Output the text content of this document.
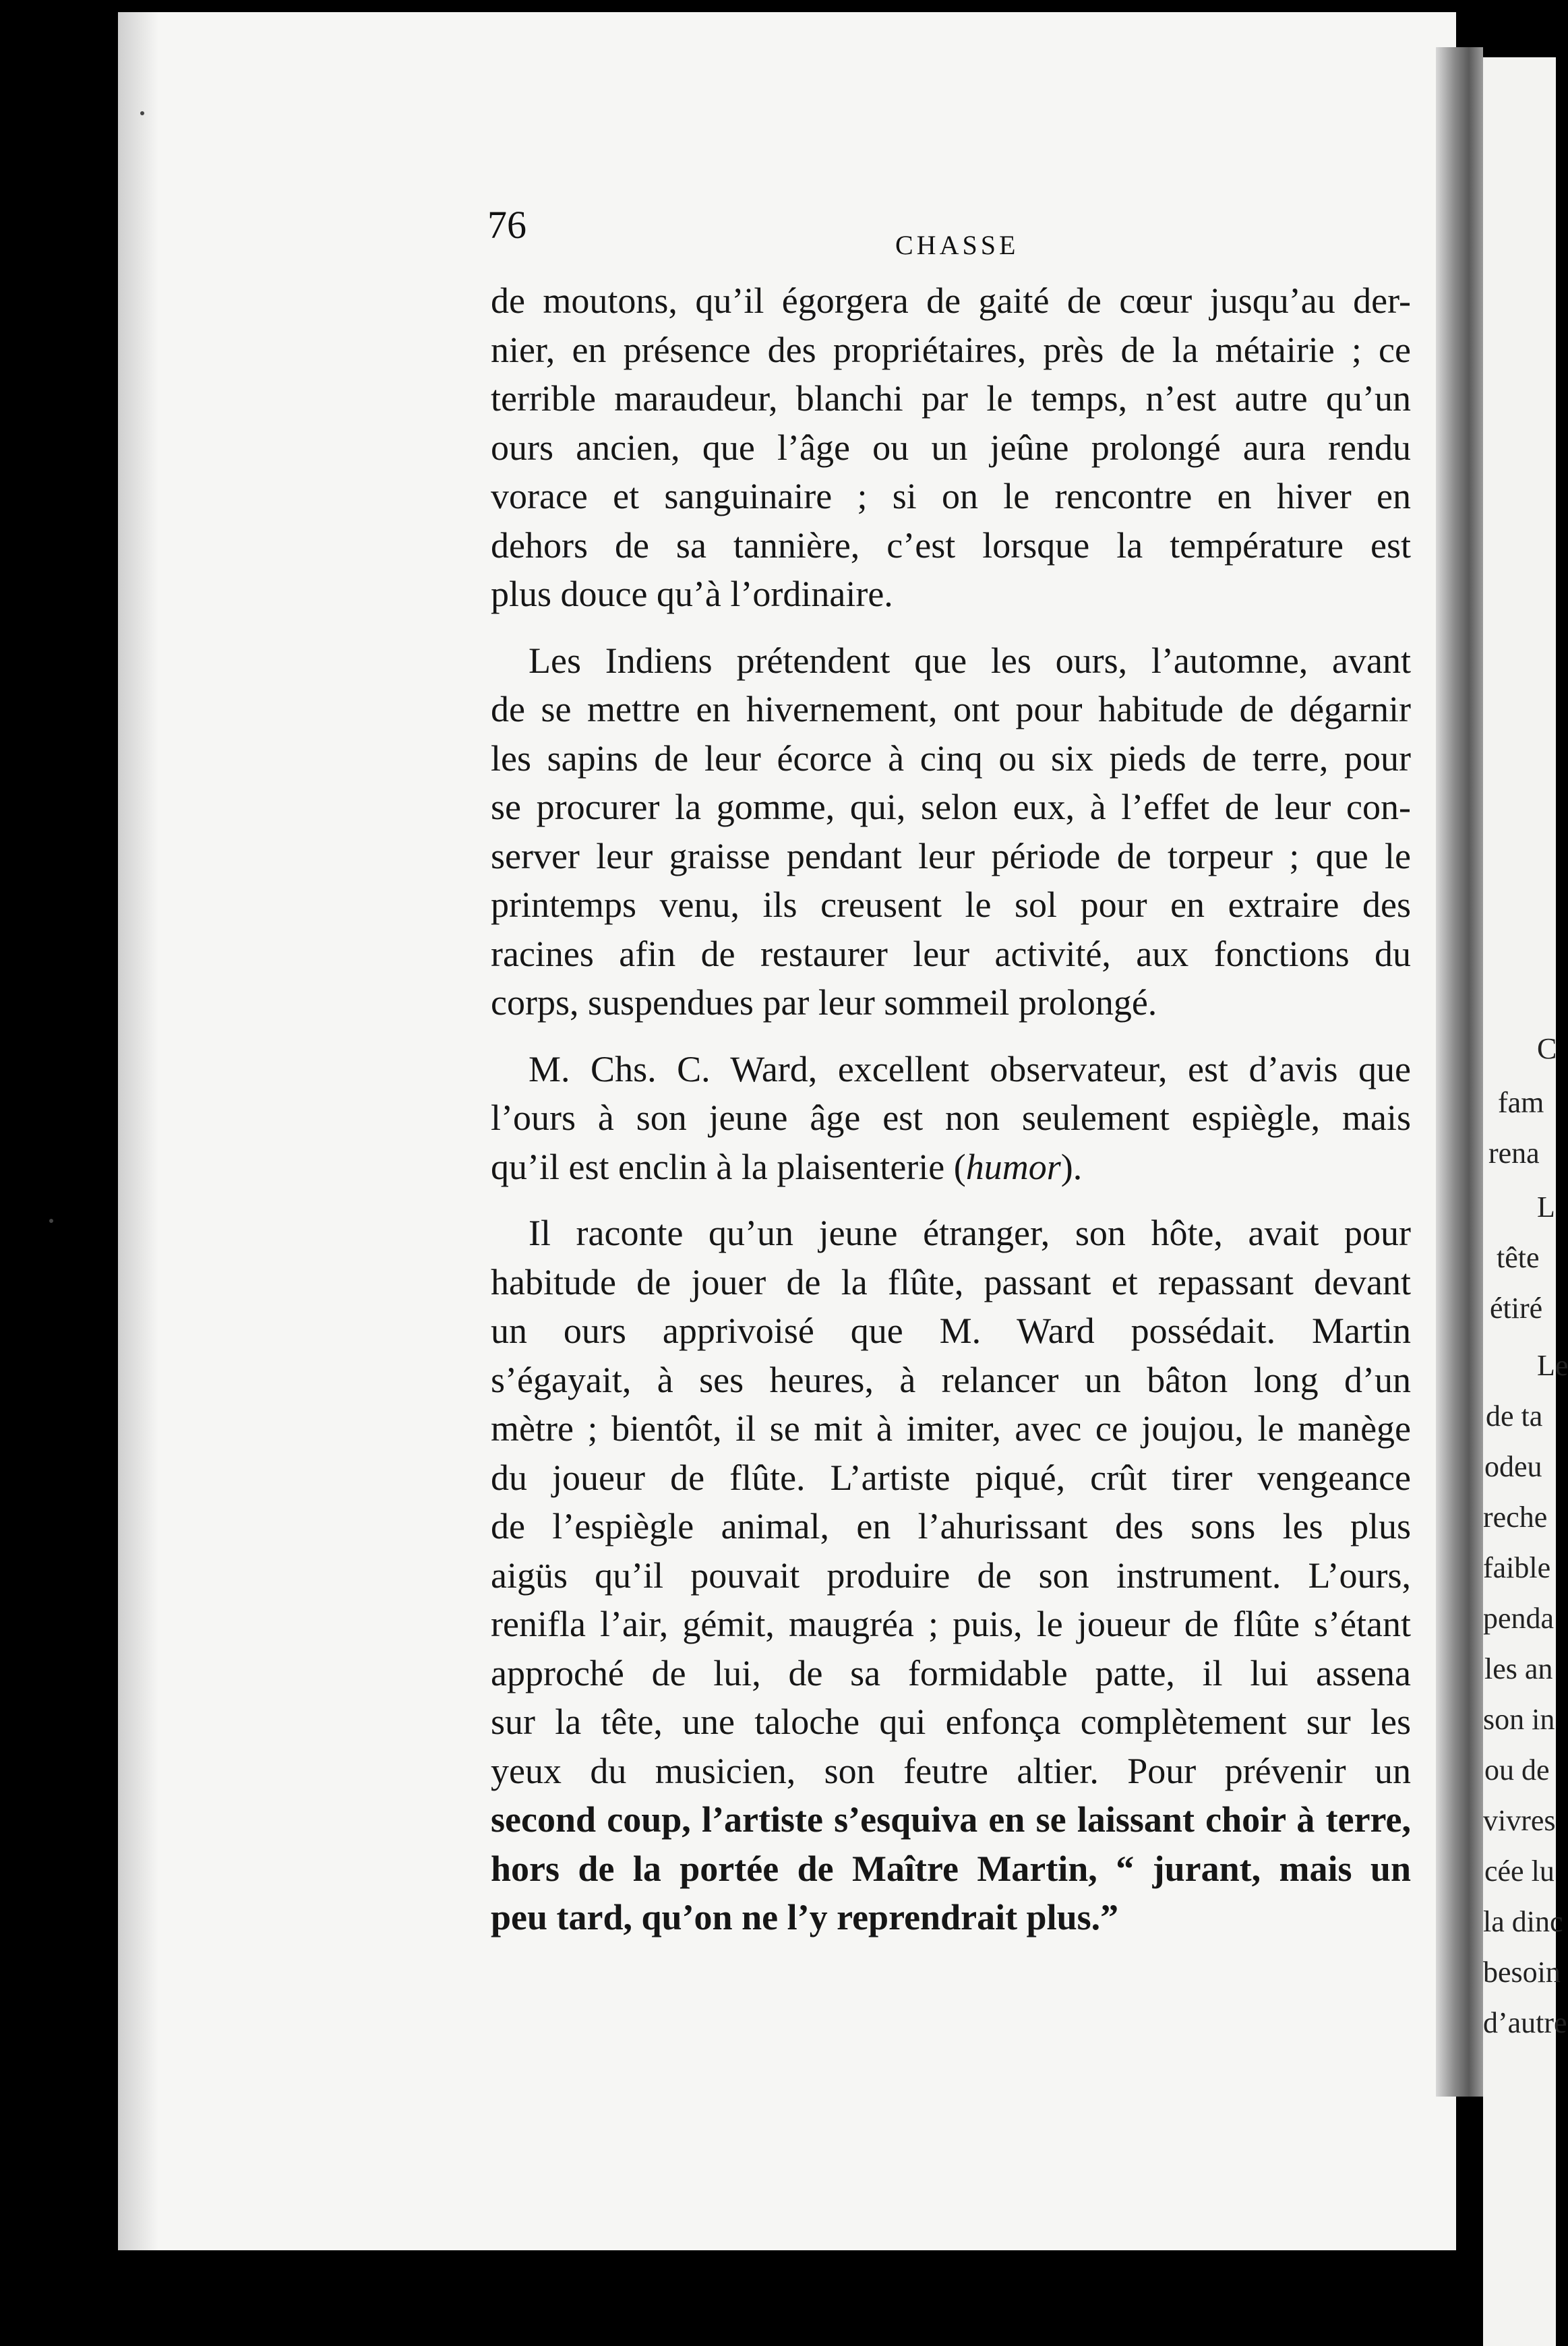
76	CHASSE
de moutons, qu’il égorgera de gaité de cœur jusqu’au der-
nier, en présence des propriétaires, près de la métairie ; ce
terrible maraudeur, blanchi par le temps, n’est autre qu’un
ours ancien, que l’âge ou un jeûne prolongé aura rendu
vorace et sanguinaire ; si on le rencontre en hiver en
dehors de sa tannière, c’est lorsque la température est
plus douce qu’à l’ordinaire.
Les Indiens prétendent que les ours, l’automne, avant
de se mettre en hivernement, ont pour habitude de dégarnir
les sapins de leur écorce à cinq ou six pieds de terre, pour
se procurer la gomme, qui, selon eux, à l’effet de leur con-
server leur graisse pendant leur période de torpeur ; que le
printemps venu, ils creusent le sol pour en extraire des
racines afin de restaurer leur activité, aux fonctions du
corps, suspendues par leur sommeil prolongé.
M. Chs. C. Ward, excellent observateur, est d’avis que
l’ours à son jeune âge est non seulement espiègle, mais
qu’il est enclin à la plaisenterie (humor).
Il raconte qu’un jeune étranger, son hôte, avait pour
habitude de jouer de la flûte, passant et repassant devant
un ours apprivoisé que M. Ward possédait. Martin
s’égayait, à ses heures, à relancer un bâton long d’un
mètre ; bientôt, il se mit à imiter, avec ce joujou, le manège
du joueur de flûte. L’artiste piqué, crût tirer vengeance
de l’espiègle animal, en l’ahurissant des sons les plus
aigüs qu’il pouvait produire de son instrument. L’ours,
renifla l’air, gémit, maugréa ; puis, le joueur de flûte s’étant
approché de lui, de sa formidable patte, il lui assena
sur la tête, une taloche qui enfonça complètement sur les
yeux du musicien, son feutre altier. Pour prévenir un
second coup, l’artiste s’esquiva en se laissant choir à terre,
hors de la portée de Maître Martin, “ jurant, mais un
peu tard, qu’on ne l’y reprendrait plus.”
C
fam
rena
L
tête
étiré
Le
de ta
odeu
reche
faible
penda
les an
son in
ou de
vivres
cée lu
la dinc
besoin
d’autre
